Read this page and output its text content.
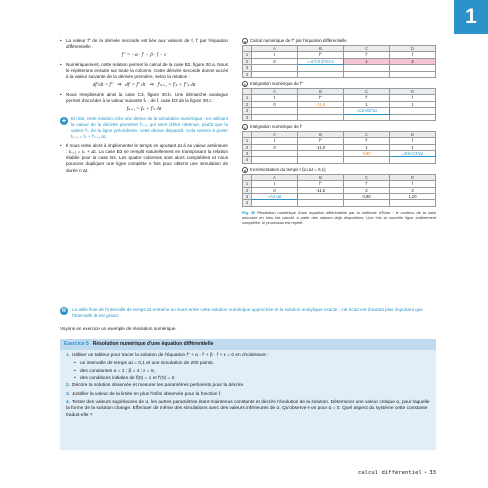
1
• La valeur f'' de la dérivée seconde est liée aux valeurs de f, f' par l'équation différentielle :
f'' = −α · f' − β · f − ε
• Numériquement, cette relation permet le calcul de la case B2, figure 30.a. Nous le répèterons ensuite sur toute la colonne. Cette dérivée seconde donne accès à la valeur suivante de la dérivée première, selon la relation :
df'/dt = f''   ⇒   df' = f'' dt   ⇒   f'ₖ₊₁ = f'ₖ + f''ₖ Δt
• Nous remplissons ainsi la case C3, figure 30.b. Une démarche analogue permet d'accéder à la valeur suivante fₖ : de f, case D3 de la figure 30.c :
fₖ₊₁ = fₖ + f'ₖ Δt
+	En fait, cette relation crée une dérive de la simulation numérique : en utilisant la valeur de la dérivée première f'ₖ₊₁ qui vient d'être obtenue, plutôt que la valeur f'ₖ de la ligne précédente, cette dérive disparaît. Cela revient à poser fₖ₊₁ = fₖ + f'ₖ₊₁ Δt.
• Il nous reste alors à implémenter le temps en ajoutant Δt à sa valeur antérieure : tₖ₊₁ = tₖ + Δt. La case B3 se remplit naturellement en transposant la relation établie pour la case B2. Les quatre colonnes sont alors complétées et nous pouvons dupliquer une ligne complète n fois pour obtenir une simulation de durée n Δt.
a Calcul numérique de f'' par l'équation différentielle
	A	B	C	D
1	t	f''	f'	f
2	0	=-α*C2-β*D2-ε	1	2
3				
4				
b Intégration numérique de f''
	A	B	C	D
1	t	f''	f'	f
2	0	-11,0	1	1
3			=C2+B2*Δt	
4				
c Intégration numérique de f'
	A	B	C	D
1	t	f''	f'	f
2	0	-11,0	1	1
3			0,90	=D2+C3*Δt
4				
d Incrémentation du temps t (ici Δt = 0,1)
	A	B	C	D
1	t	f''	f'	f
2	0	-11,0	2	3
3	=A2+Δt		0,90	1,20
4				
Fig. 30 Résolution numérique d'une équation différentielle par la méthode d'Euler : le contenu de la case entourée en bleu est calculé à partir des valeurs déjà disponibles. Une fois la nouvelle ligne entièrement complétée, le processus est répété.
R	La taille finie de l'intervalle de temps Δt entraîne un écart entre cette solution numérique approchée et la solution analytique exacte ; cet écart est d'autant plus important que l'intervalle dt est grand.
Voyons en exercice un exemple de résolution numérique.
Exercice 5 Résolution numérique d'une équation différentielle
1. Utiliser un tableur pour tracer la solution de l'équation f'' + α · f' + β · f + ε = 0 en choisissant :
• un intervalle de temps Δt = 0,1 et une simulation de 200 points.
• des constantes α = 1 ; β = 4 ; ε = 5,
• des conditions initiales de f(0) = 1 et f'(0) = 2.
2. Décrire la solution observée et mesurer les paramètres pertinents pour la décrire.
3. Justifier la valeur de la limite en plus l'infini observée pour la fonction f.
4. Tester des valeurs supérieures de α, les autres paramètres étant maintenus constants et décrire l'évolution de la solution. Déterminer une valeur critique α꜀ pour laquelle la forme de la solution change. Effectuer de même des simulations avec des valeurs inférieures de α. Qu'observe-t-on pour α = 0. Quel aspect du système cette constante traduit-elle ?
calcul différentiel • 33
